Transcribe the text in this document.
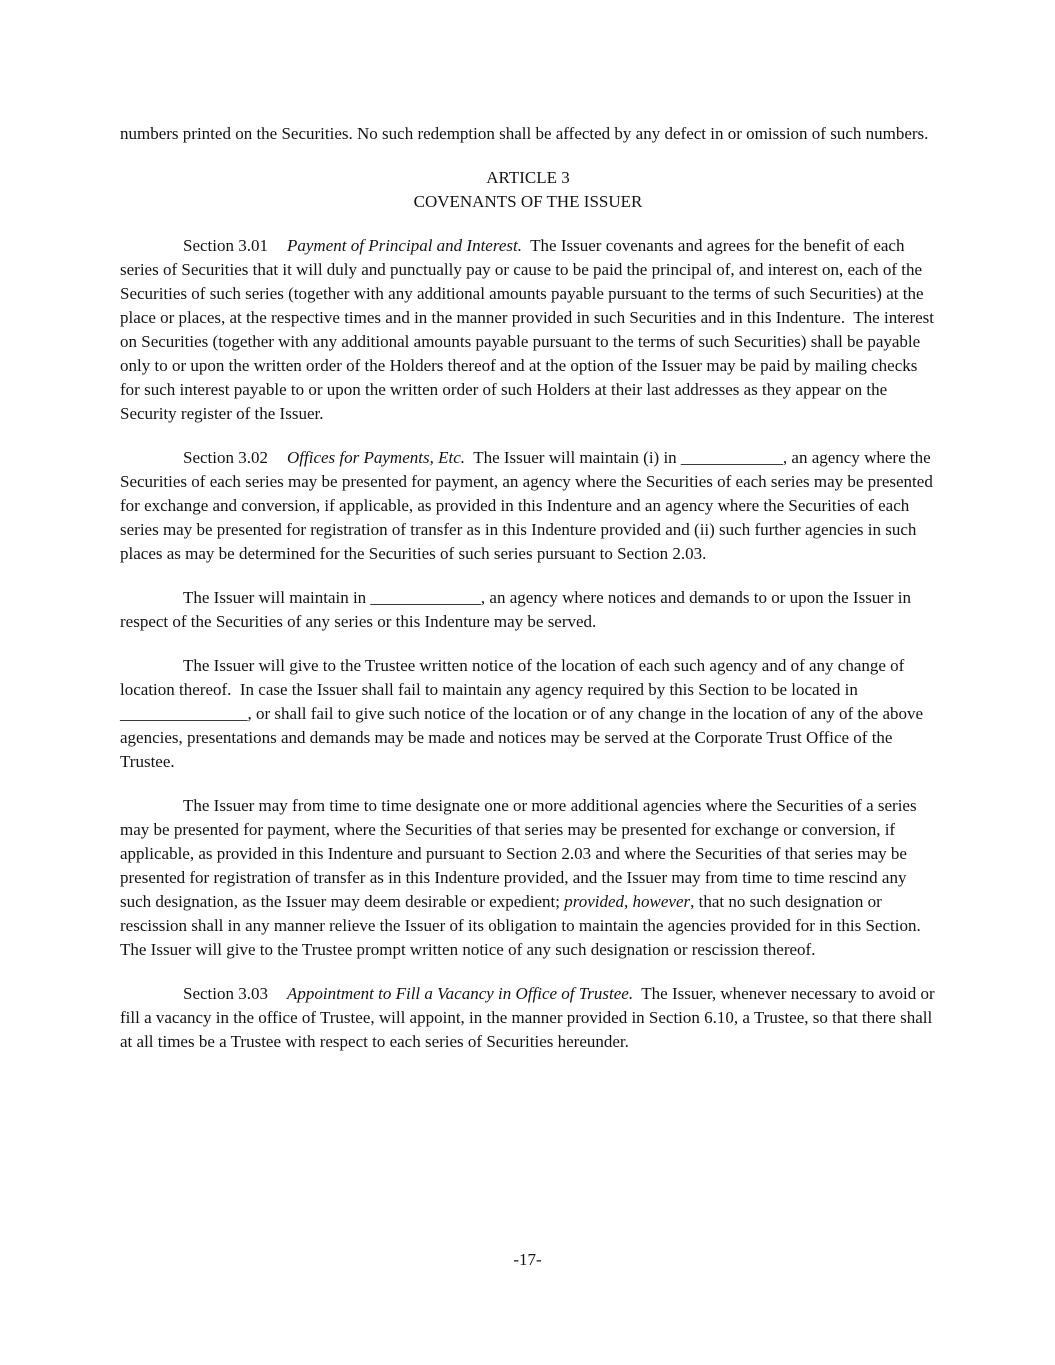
numbers printed on the Securities. No such redemption shall be affected by any defect in or omission of such numbers.

ARTICLE 3
COVENANTS OF THE ISSUER

Section 3.01 Payment of Principal and Interest.  The Issuer covenants and agrees for the benefit of each series of Securities that it will duly and punctually pay or cause to be paid the principal of, and interest on, each of the Securities of such series (together with any additional amounts payable pursuant to the terms of such Securities) at the place or places, at the respective times and in the manner provided in such Securities and in this Indenture.  The interest on Securities (together with any additional amounts payable pursuant to the terms of such Securities) shall be payable only to or upon the written order of the Holders thereof and at the option of the Issuer may be paid by mailing checks for such interest payable to or upon the written order of such Holders at their last addresses as they appear on the Security register of the Issuer.

Section 3.02 Offices for Payments, Etc.  The Issuer will maintain (i) in ____________, an agency where the Securities of each series may be presented for payment, an agency where the Securities of each series may be presented for exchange and conversion, if applicable, as provided in this Indenture and an agency where the Securities of each series may be presented for registration of transfer as in this Indenture provided and (ii) such further agencies in such places as may be determined for the Securities of such series pursuant to Section 2.03.

The Issuer will maintain in _____________, an agency where notices and demands to or upon the Issuer in respect of the Securities of any series or this Indenture may be served.

The Issuer will give to the Trustee written notice of the location of each such agency and of any change of location thereof.  In case the Issuer shall fail to maintain any agency required by this Section to be located in _______________, or shall fail to give such notice of the location or of any change in the location of any of the above agencies, presentations and demands may be made and notices may be served at the Corporate Trust Office of the Trustee.

The Issuer may from time to time designate one or more additional agencies where the Securities of a series may be presented for payment, where the Securities of that series may be presented for exchange or conversion, if applicable, as provided in this Indenture and pursuant to Section 2.03 and where the Securities of that series may be presented for registration of transfer as in this Indenture provided, and the Issuer may from time to time rescind any such designation, as the Issuer may deem desirable or expedient; provided, however, that no such designation or rescission shall in any manner relieve the Issuer of its obligation to maintain the agencies provided for in this Section.  The Issuer will give to the Trustee prompt written notice of any such designation or rescission thereof.

Section 3.03 Appointment to Fill a Vacancy in Office of Trustee.  The Issuer, whenever necessary to avoid or fill a vacancy in the office of Trustee, will appoint, in the manner provided in Section 6.10, a Trustee, so that there shall at all times be a Trustee with respect to each series of Securities hereunder.

-17-
